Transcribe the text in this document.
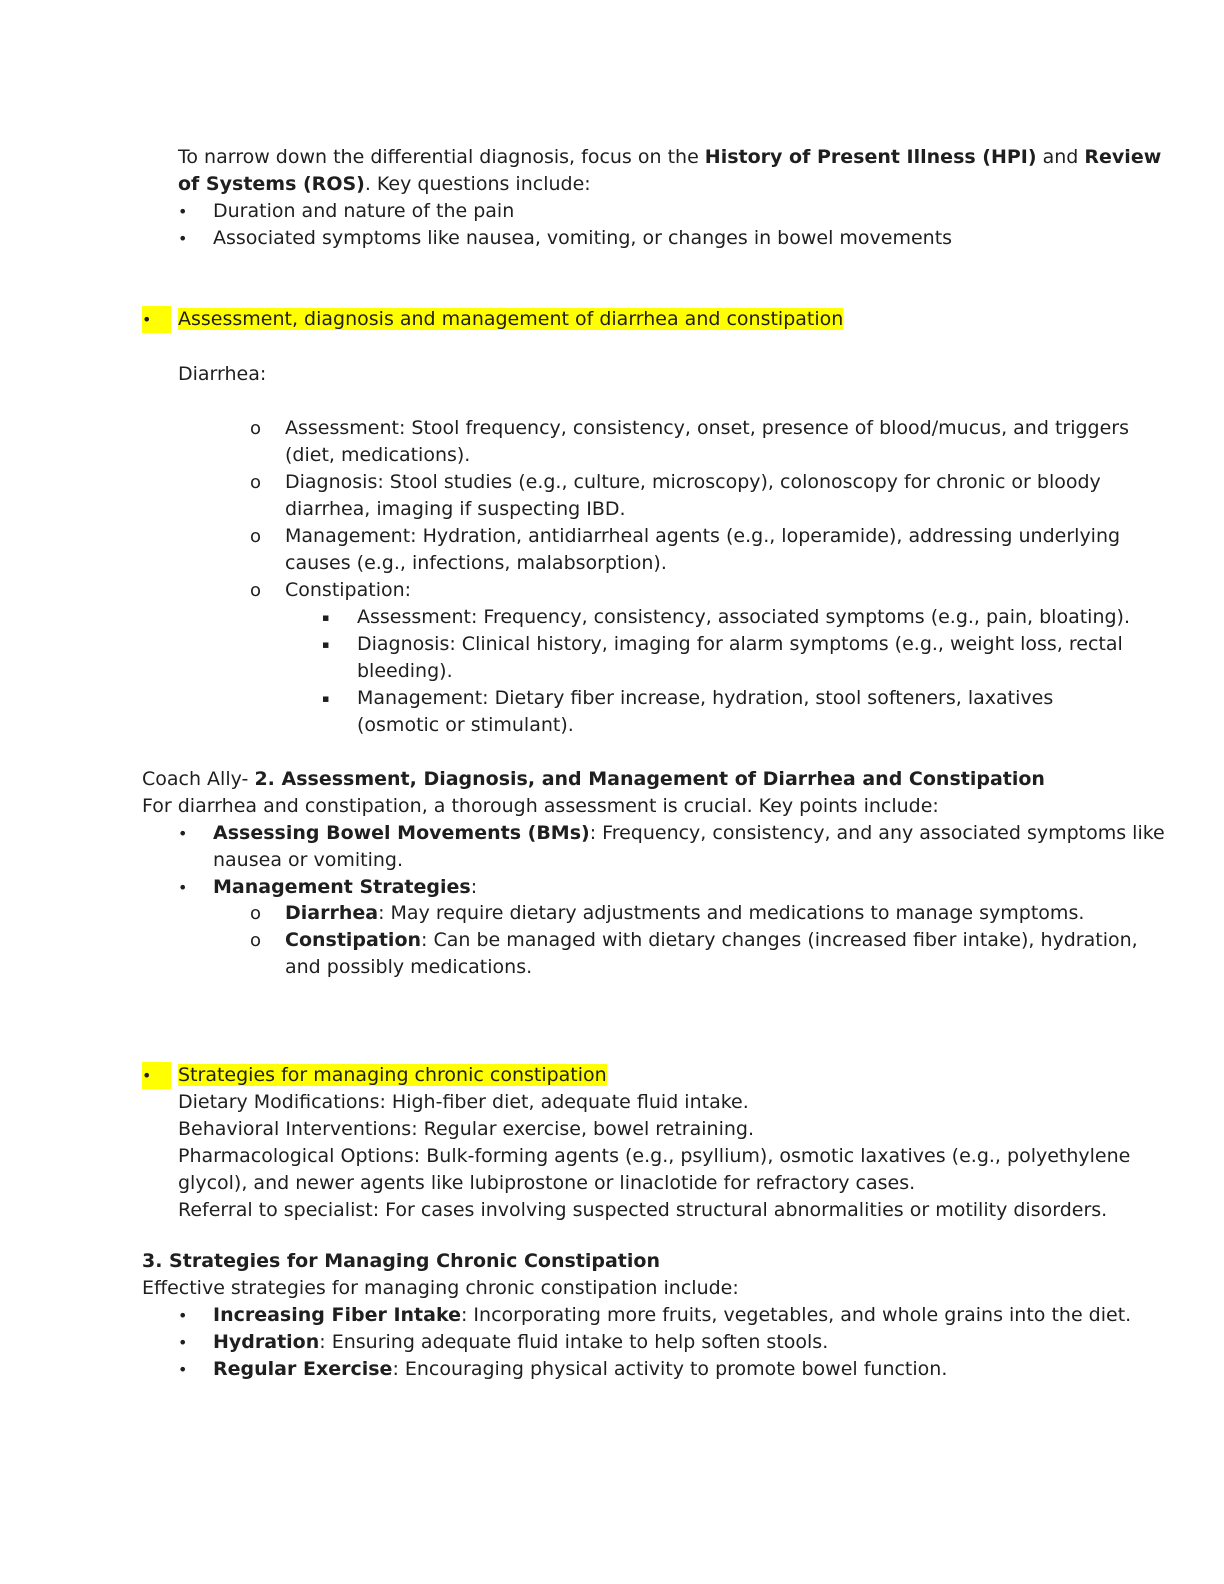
To narrow down the differential diagnosis, focus on the History of Present Illness (HPI) and Review
of Systems (ROS). Key questions include:
• Duration and nature of the pain
• Associated symptoms like nausea, vomiting, or changes in bowel movements
•	Assessment, diagnosis and management of diarrhea and constipation
Diarrhea:
o Assessment: Stool frequency, consistency, onset, presence of blood/mucus, and triggers
(diet, medications).
o Diagnosis: Stool studies (e.g., culture, microscopy), colonoscopy for chronic or bloody
diarrhea, imaging if suspecting IBD.
o Management: Hydration, antidiarrheal agents (e.g., loperamide), addressing underlying
causes (e.g., infections, malabsorption).
o Constipation:
▪ Assessment: Frequency, consistency, associated symptoms (e.g., pain, bloating).
▪ Diagnosis: Clinical history, imaging for alarm symptoms (e.g., weight loss, rectal
bleeding).
▪ Management: Dietary fiber increase, hydration, stool softeners, laxatives
(osmotic or stimulant).
Coach Ally- 2. Assessment, Diagnosis, and Management of Diarrhea and Constipation
For diarrhea and constipation, a thorough assessment is crucial. Key points include:
• Assessing Bowel Movements (BMs): Frequency, consistency, and any associated symptoms like
nausea or vomiting.
• Management Strategies:
o Diarrhea: May require dietary adjustments and medications to manage symptoms.
o Constipation: Can be managed with dietary changes (increased fiber intake), hydration,
and possibly medications.
•	Strategies for managing chronic constipation
Dietary Modifications: High-fiber diet, adequate fluid intake.
Behavioral Interventions: Regular exercise, bowel retraining.
Pharmacological Options: Bulk-forming agents (e.g., psyllium), osmotic laxatives (e.g., polyethylene
glycol), and newer agents like lubiprostone or linaclotide for refractory cases.
Referral to specialist: For cases involving suspected structural abnormalities or motility disorders.
3. Strategies for Managing Chronic Constipation
Effective strategies for managing chronic constipation include:
• Increasing Fiber Intake: Incorporating more fruits, vegetables, and whole grains into the diet.
• Hydration: Ensuring adequate fluid intake to help soften stools.
• Regular Exercise: Encouraging physical activity to promote bowel function.
